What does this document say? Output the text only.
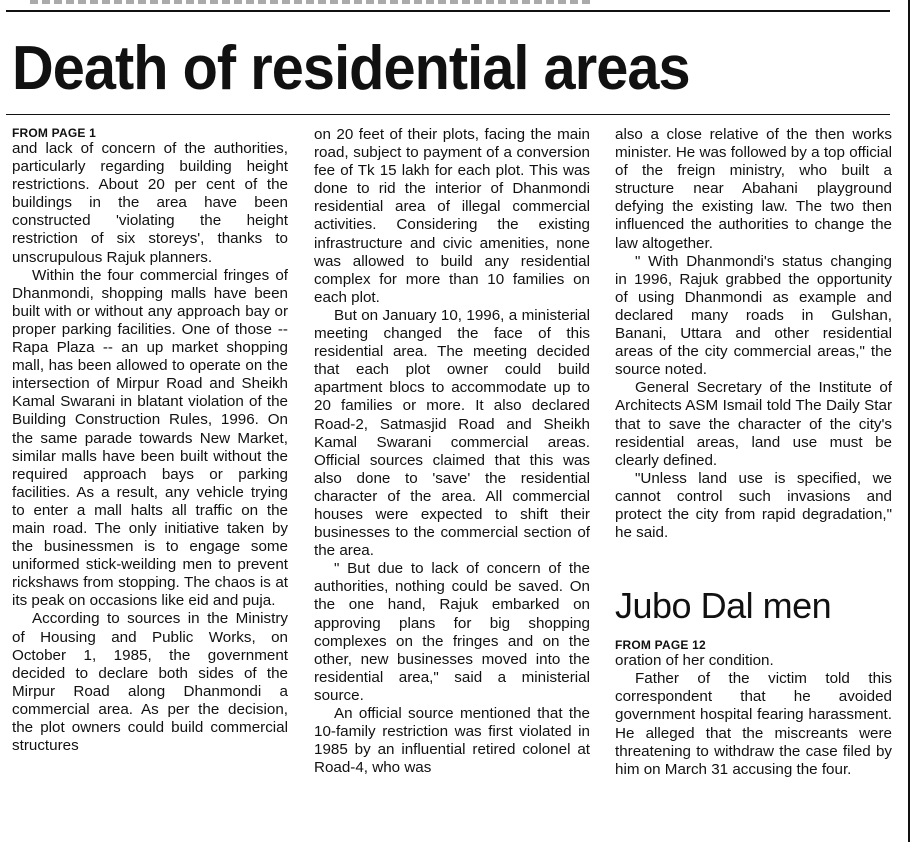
Death of residential areas

FROM PAGE 1

and lack of concern of the authorities, particularly regarding building height restrictions. About 20 per cent of the buildings in the area have been constructed 'violating the height restriction of six storeys', thanks to unscrupulous Rajuk planners.

Within the four commercial fringes of Dhanmondi, shopping malls have been built with or without any approach bay or proper parking facilities. One of those -- Rapa Plaza -- an up market shopping mall, has been allowed to operate on the intersection of Mirpur Road and Sheikh Kamal Swarani in blatant violation of the Building Construction Rules, 1996. On the same parade towards New Market, similar malls have been built without the required approach bays or parking facilities. As a result, any vehicle trying to enter a mall halts all traffic on the main road. The only initiative taken by the businessmen is to engage some uniformed stick-weilding men to prevent rickshaws from stopping. The chaos is at its peak on occasions like eid and puja.

According to sources in the Ministry of Housing and Public Works, on October 1, 1985, the government decided to declare both sides of the Mirpur Road along Dhanmondi a commercial area. As per the decision, the plot owners could build commercial structures

on 20 feet of their plots, facing the main road, subject to payment of a conversion fee of Tk 15 lakh for each plot. This was done to rid the interior of Dhanmondi residential area of illegal commercial activities. Considering the existing infrastructure and civic amenities, none was allowed to build any residential complex for more than 10 families on each plot.

But on January 10, 1996, a ministerial meeting changed the face of this residential area. The meeting decided that each plot owner could build apartment blocs to accommodate up to 20 families or more. It also declared Road-2, Satmasjid Road and Sheikh Kamal Swarani commercial areas. Official sources claimed that this was also done to 'save' the residential character of the area. All commercial houses were expected to shift their businesses to the commercial section of the area.

" But due to lack of concern of the authorities, nothing could be saved. On the one hand, Rajuk embarked on approving plans for big shopping complexes on the fringes and on the other, new businesses moved into the residential area," said a ministerial source.

An official source mentioned that the 10-family restriction was first violated in 1985 by an influential retired colonel at Road-4, who was

also a close relative of the then works minister. He was followed by a top official of the freign ministry, who built a structure near Abahani playground defying the existing law. The two then influenced the authorities to change the law altogether.

" With Dhanmondi's status changing in 1996, Rajuk grabbed the opportunity of using Dhanmondi as example and declared many roads in Gulshan, Banani, Uttara and other residential areas of the city commercial areas," the source noted.

General Secretary of the Institute of Architects ASM Ismail told The Daily Star that to save the character of the city's residential areas, land use must be clearly defined.

"Unless land use is specified, we cannot control such invasions and protect the city from rapid degradation," he said.

Jubo Dal men

FROM PAGE 12

oration of her condition.

Father of the victim told this correspondent that he avoided government hospital fearing harassment. He alleged that the miscreants were threatening to withdraw the case filed by him on March 31 accusing the four.
